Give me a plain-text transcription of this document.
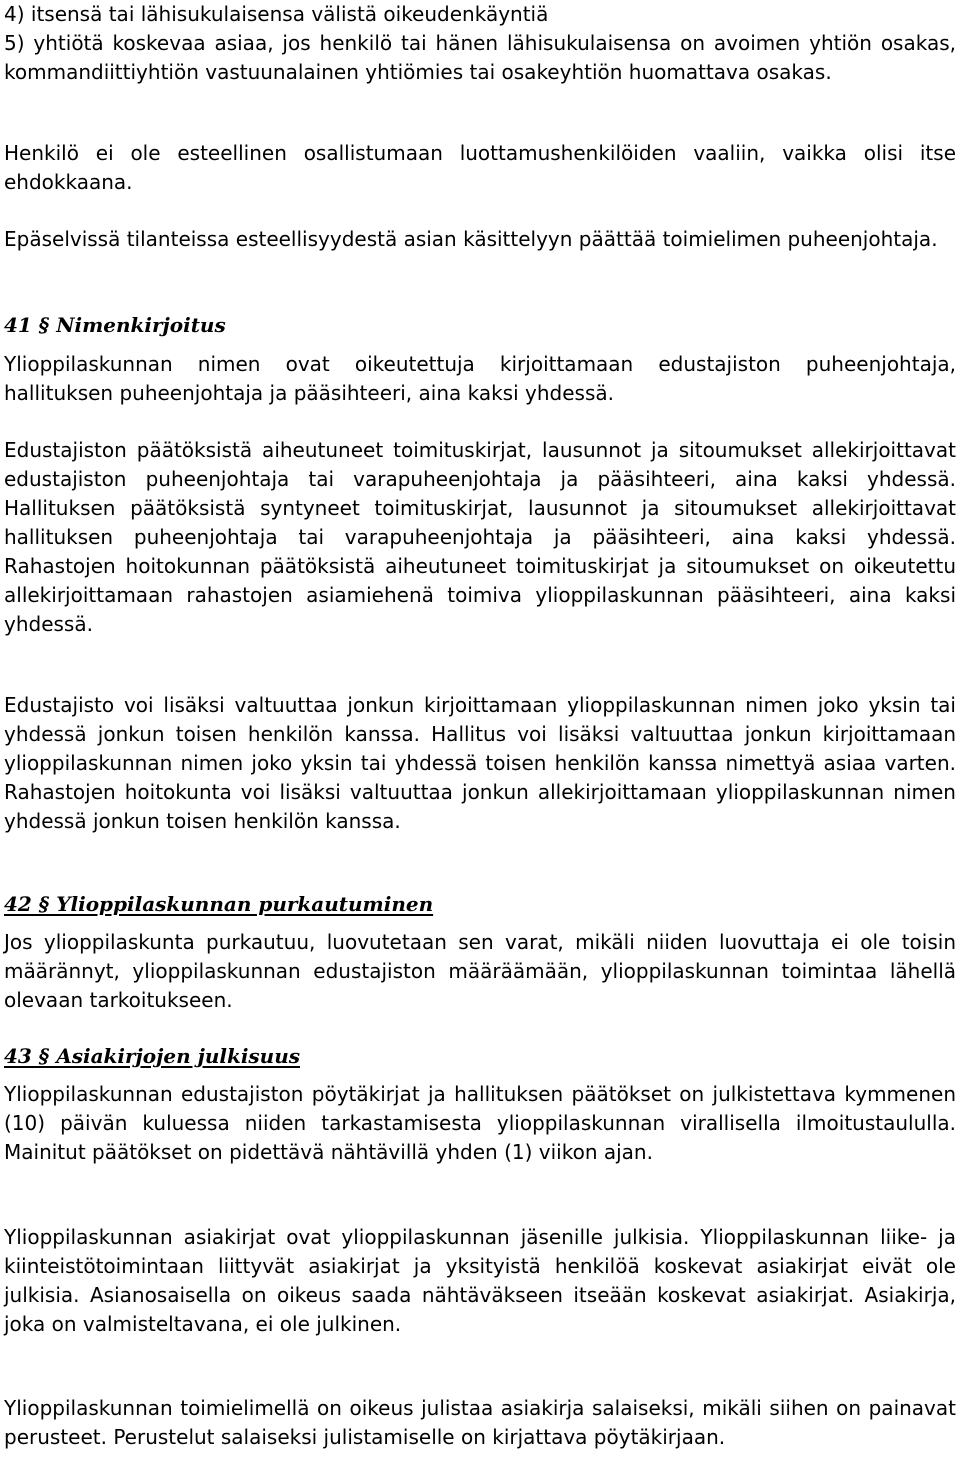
4) itsensä tai lähisukulaisensa välistä oikeudenkäyntiä

5) yhtiötä koskevaa asiaa, jos henkilö tai hänen lähisukulaisensa on avoimen yhtiön osakas, kommandiittiyhtiön vastuunalainen yhtiömies tai osakeyhtiön huomattava osakas.

Henkilö ei ole esteellinen osallistumaan luottamushenkilöiden vaaliin, vaikka olisi itse ehdokkaana.

Epäselvissä tilanteissa esteellisyydestä asian käsittelyyn päättää toimielimen puheenjohtaja.

41 § Nimenkirjoitus

Ylioppilaskunnan nimen ovat oikeutettuja kirjoittamaan edustajiston puheenjohtaja, hallituksen puheenjohtaja ja pääsihteeri, aina kaksi yhdessä.

Edustajiston päätöksistä aiheutuneet toimituskirjat, lausunnot ja sitoumukset allekirjoittavat edustajiston puheenjohtaja tai varapuheenjohtaja ja pääsihteeri, aina kaksi yhdessä. Hallituksen päätöksistä syntyneet toimituskirjat, lausunnot ja sitoumukset allekirjoittavat hallituksen puheenjohtaja tai varapuheenjohtaja ja pääsihteeri, aina kaksi yhdessä. Rahastojen hoitokunnan päätöksistä aiheutuneet toimituskirjat ja sitoumukset on oikeutettu allekirjoittamaan rahastojen asiamiehenä toimiva ylioppilaskunnan pääsihteeri, aina kaksi yhdessä.

Edustajisto voi lisäksi valtuuttaa jonkun kirjoittamaan ylioppilaskunnan nimen joko yksin tai yhdessä jonkun toisen henkilön kanssa. Hallitus voi lisäksi valtuuttaa jonkun kirjoittamaan ylioppilaskunnan nimen joko yksin tai yhdessä toisen henkilön kanssa nimettyä asiaa varten. Rahastojen hoitokunta voi lisäksi valtuuttaa jonkun allekirjoittamaan ylioppilaskunnan nimen yhdessä jonkun toisen henkilön kanssa.

42 § Ylioppilaskunnan purkautuminen

Jos ylioppilaskunta purkautuu, luovutetaan sen varat, mikäli niiden luovuttaja ei ole toisin määrännyt, ylioppilaskunnan edustajiston määräämään, ylioppilaskunnan toimintaa lähellä olevaan tarkoitukseen.

43 § Asiakirjojen julkisuus

Ylioppilaskunnan edustajiston pöytäkirjat ja hallituksen päätökset on julkistettava kymmenen (10) päivän kuluessa niiden tarkastamisesta ylioppilaskunnan virallisella ilmoitustaululla. Mainitut päätökset on pidettävä nähtävillä yhden (1) viikon ajan.

Ylioppilaskunnan asiakirjat ovat ylioppilaskunnan jäsenille julkisia. Ylioppilaskunnan liike- ja kiinteistötoimintaan liittyvät asiakirjat ja yksityistä henkilöä koskevat asiakirjat eivät ole julkisia. Asianosaisella on oikeus saada nähtäväkseen itseään koskevat asiakirjat. Asiakirja, joka on valmisteltavana, ei ole julkinen.

Ylioppilaskunnan toimielimellä on oikeus julistaa asiakirja salaiseksi, mikäli siihen on painavat perusteet. Perustelut salaiseksi julistamiselle on kirjattava pöytäkirjaan.
